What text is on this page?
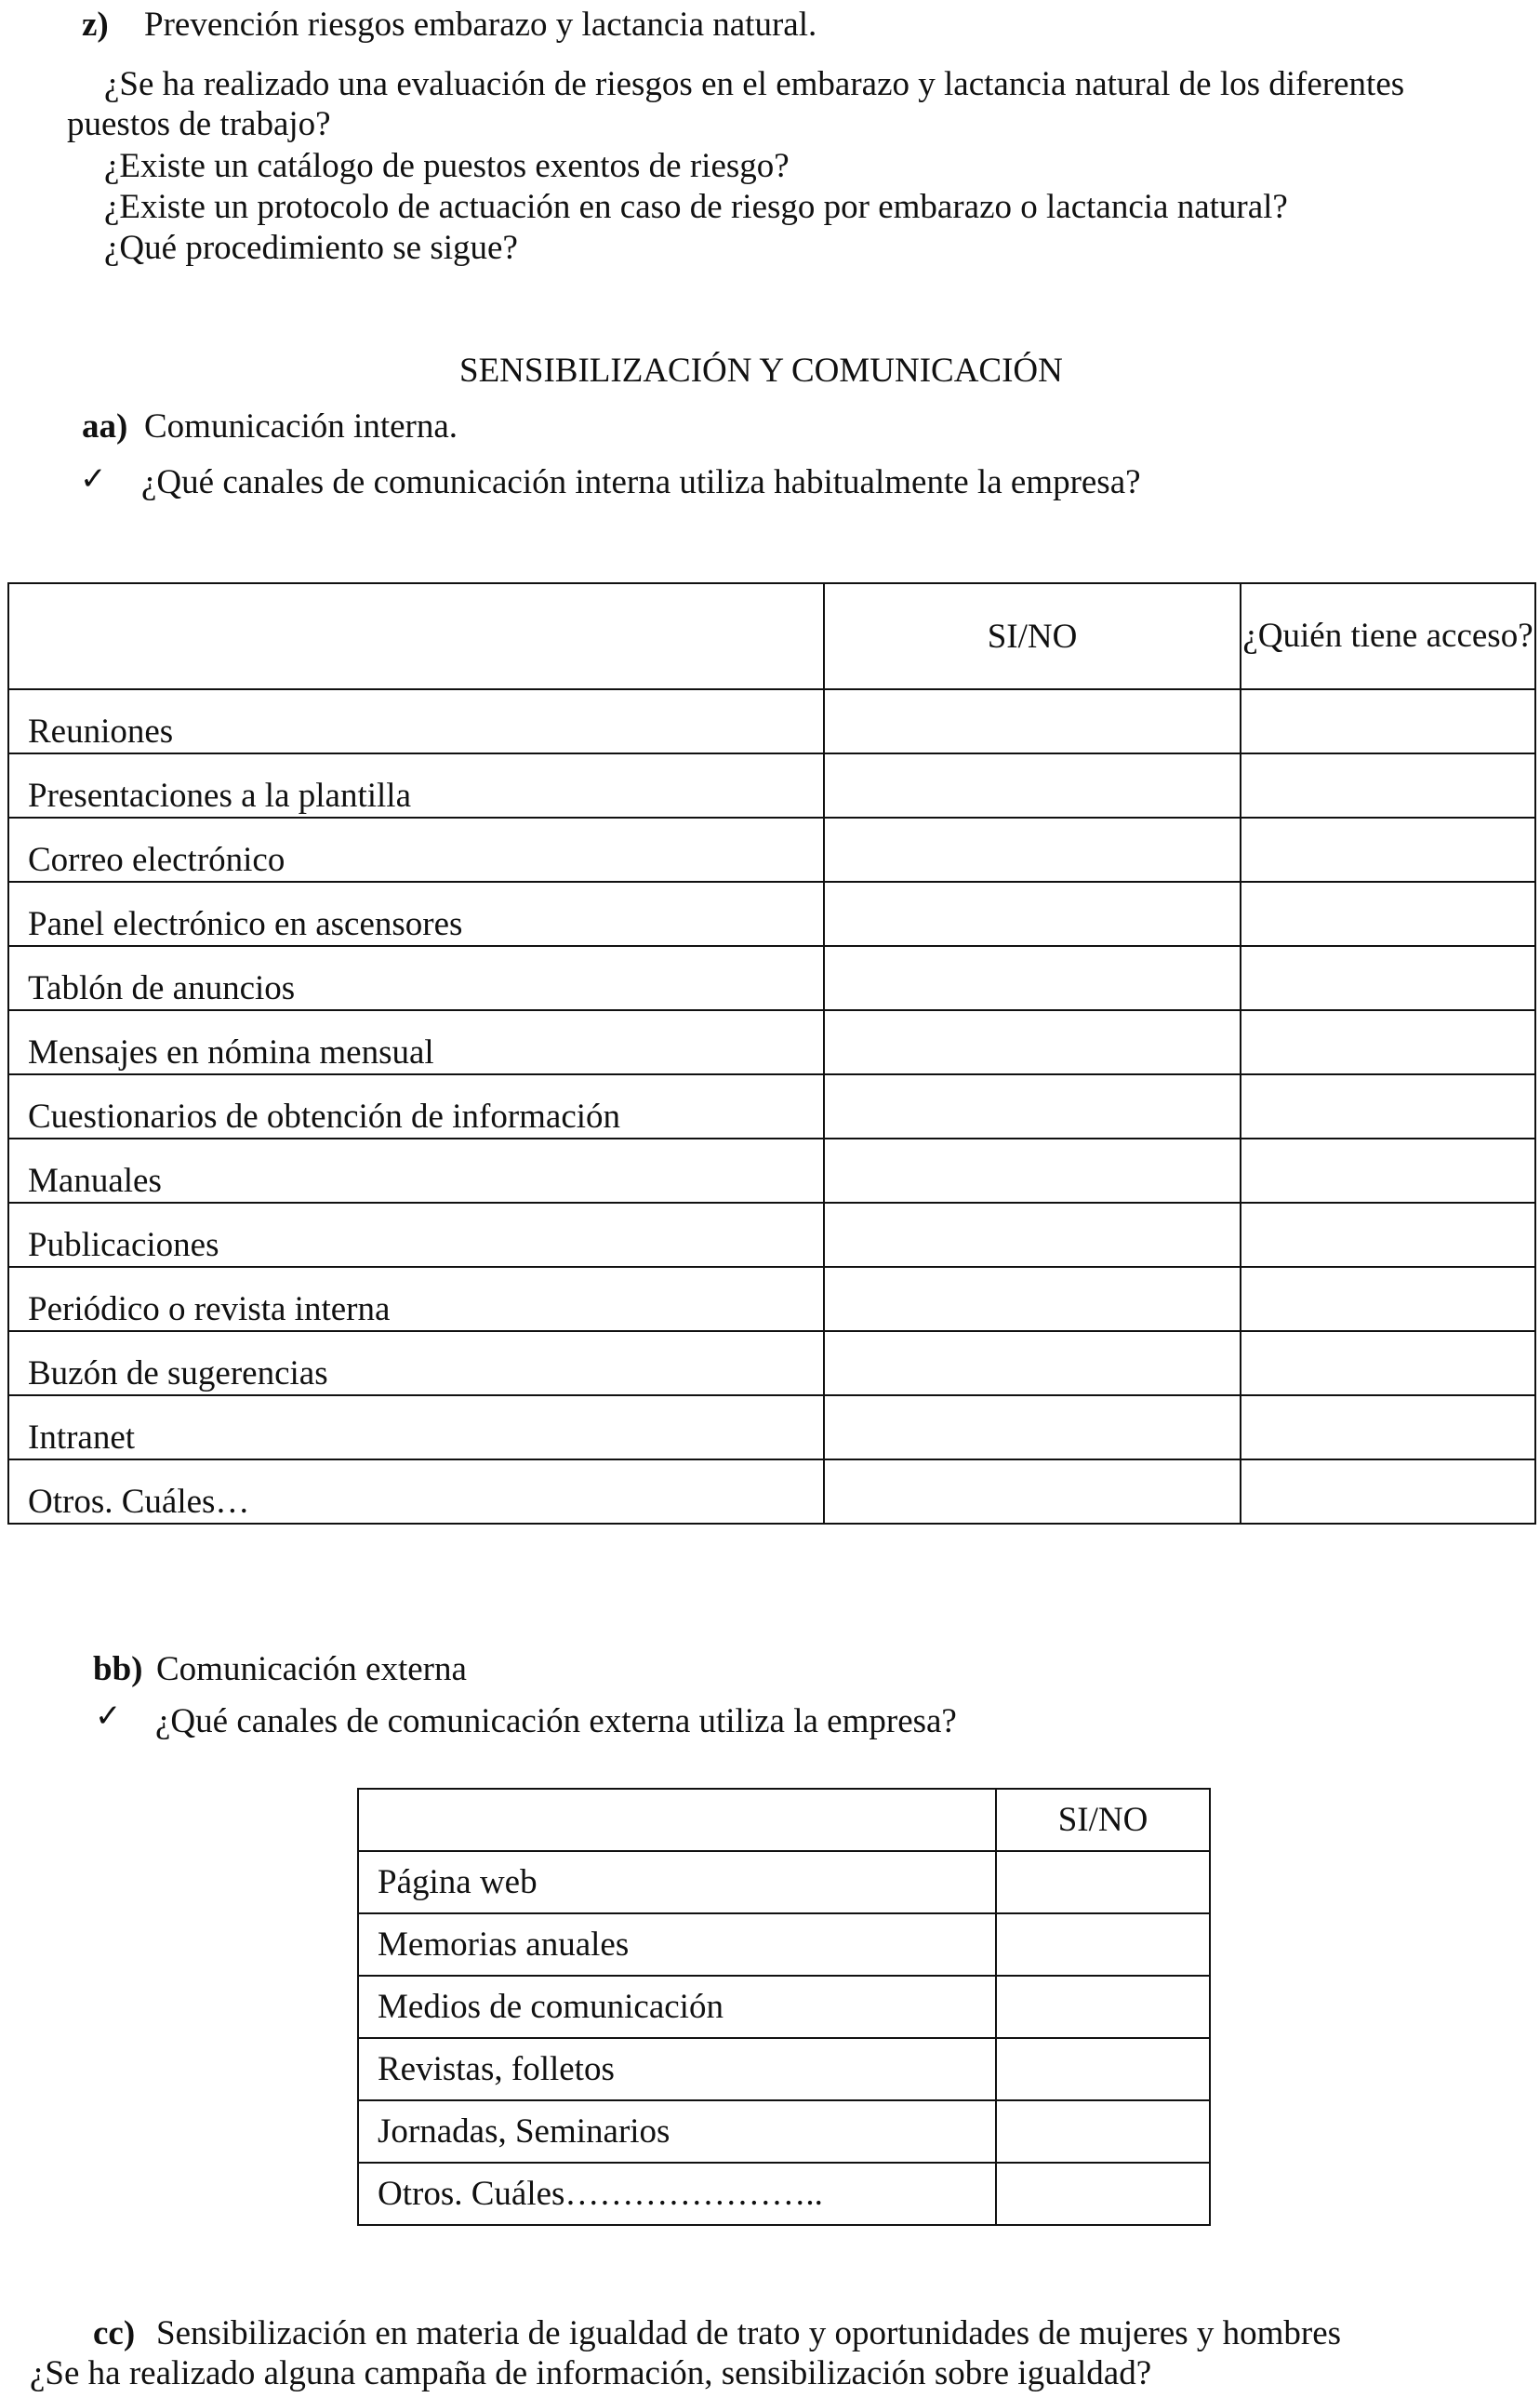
z) Prevención riesgos embarazo y lactancia natural.
¿Se ha realizado una evaluación de riesgos en el embarazo y lactancia natural de los diferentes
puestos de trabajo?
¿Existe un catálogo de puestos exentos de riesgo?
¿Existe un protocolo de actuación en caso de riesgo por embarazo o lactancia natural?
¿Qué procedimiento se sigue?
SENSIBILIZACIÓN Y COMUNICACIÓN
aa) Comunicación interna.
✓ ¿Qué canales de comunicación interna utiliza habitualmente la empresa?
	SI/NO	¿Quién tiene acceso?
Reuniones		
Presentaciones a la plantilla		
Correo electrónico		
Panel electrónico en ascensores		
Tablón de anuncios		
Mensajes en nómina mensual		
Cuestionarios de obtención de información		
Manuales		
Publicaciones		
Periódico o revista interna		
Buzón de sugerencias		
Intranet		
Otros. Cuáles…		
bb) Comunicación externa
✓ ¿Qué canales de comunicación externa utiliza la empresa?
	SI/NO
Página web	
Memorias anuales	
Medios de comunicación	
Revistas, folletos	
Jornadas, Seminarios	
Otros. Cuáles…………………..	
cc) Sensibilización en materia de igualdad de trato y oportunidades de mujeres y hombres
¿Se ha realizado alguna campaña de información, sensibilización sobre igualdad?
